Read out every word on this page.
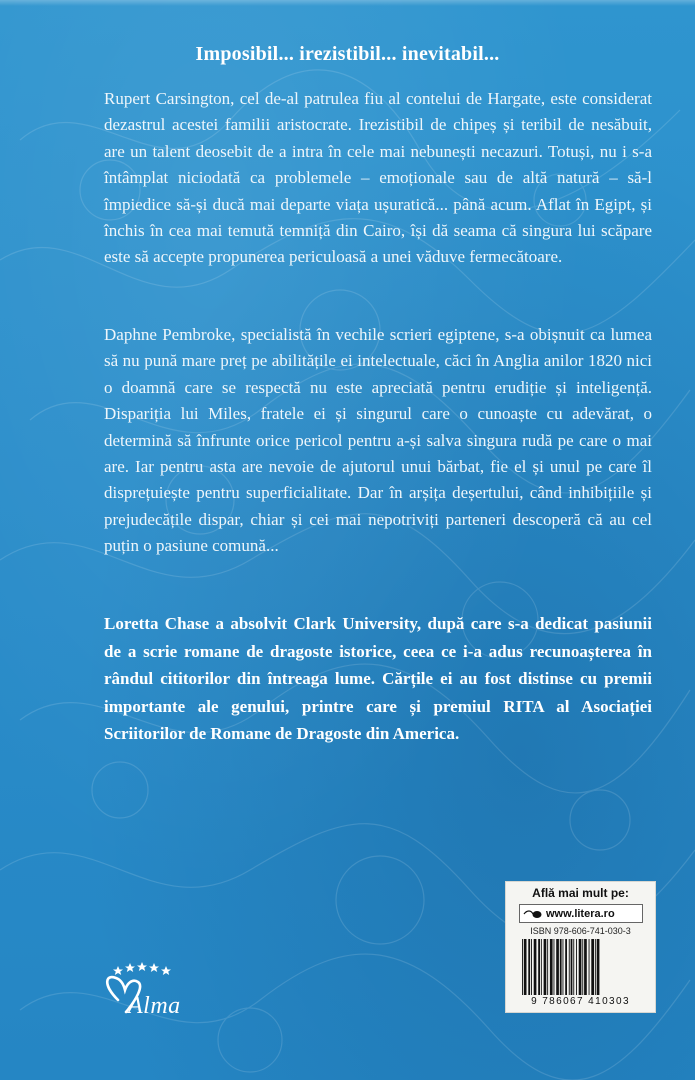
Imposibil... irezistibil... inevitabil...

Rupert Carsington, cel de-al patrulea fiu al contelui de Hargate, este considerat dezastrul acestei familii aristocrate. Irezistibil de chipeș și teribil de nesăbuit, are un talent deosebit de a intra în cele mai nebunești necazuri. Totuși, nu i s-a întâmplat niciodată ca problemele – emoționale sau de altă natură – să-l împiedice să-și ducă mai departe viața ușuratică... până acum. Aflat în Egipt, și închis în cea mai temută temniță din Cairo, își dă seama că singura lui scăpare este să accepte propunerea periculoasă a unei văduve fermecătoare.

Daphne Pembroke, specialistă în vechile scrieri egiptene, s-a obișnuit ca lumea să nu pună mare preț pe abilitățile ei intelectuale, căci în Anglia anilor 1820 nici o doamnă care se respectă nu este apreciată pentru erudiție și inteligență. Dispariția lui Miles, fratele ei și singurul care o cunoaște cu adevărat, o determină să înfrunte orice pericol pentru a-și salva singura rudă pe care o mai are. Iar pentru asta are nevoie de ajutorul unui bărbat, fie el și unul pe care îl disprețuiește pentru superficialitate. Dar în arșița deșertului, când inhibițiile și prejudecățile dispar, chiar și cei mai nepotriviți parteneri descoperă că au cel puțin o pasiune comună...

Loretta Chase a absolvit Clark University, după care s-a dedicat pasiunii de a scrie romane de dragoste istorice, ceea ce i-a adus recunoașterea în rândul cititorilor din întreaga lume. Cărțile ei au fost distinse cu premii importante ale genului, printre care și premiul RITA al Asociației Scriitorilor de Romane de Dragoste din America.

Alma
Află mai mult pe:
www.litera.ro
ISBN 978-606-741-030-3
9 786067 410303
